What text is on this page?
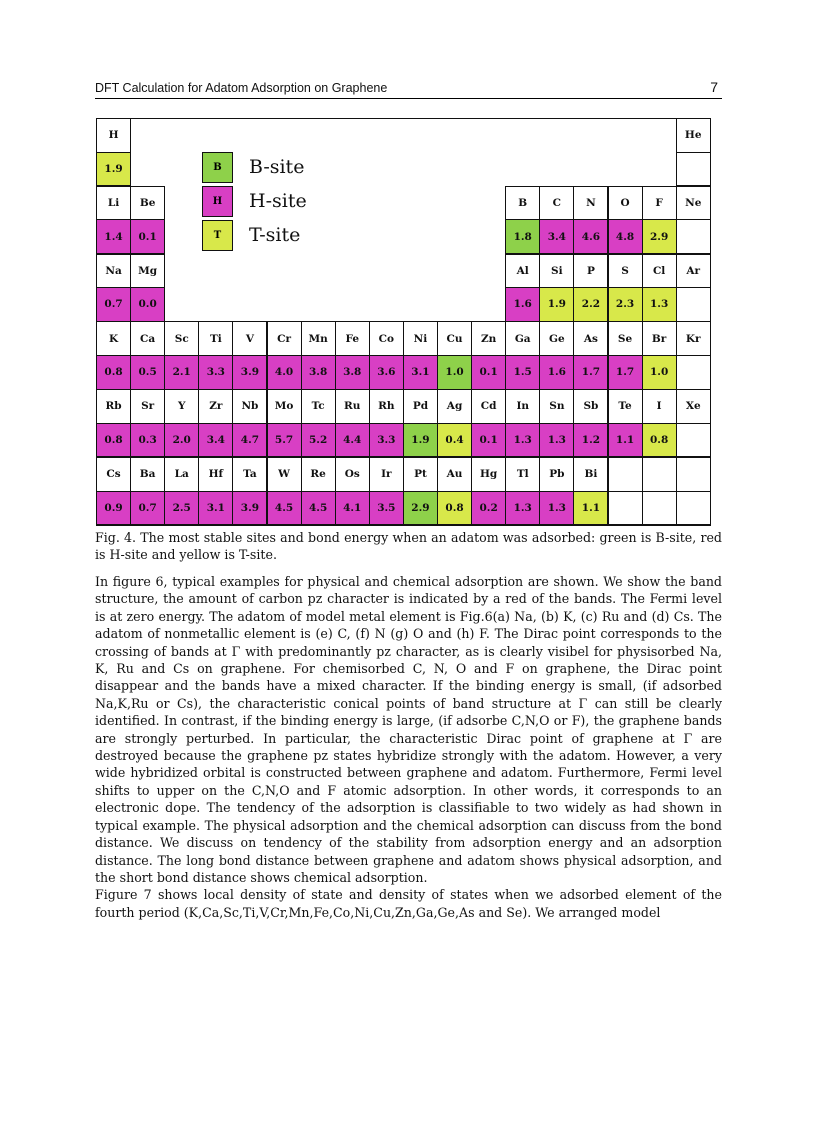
DFT Calculation for Adatom Adsorption on Graphene	7
H
1.9
He
Li
1.4
Be
0.1
B
1.8
C
3.4
N
4.6
O
4.8
F
2.9
Ne
Na
0.7
Mg
0.0
Al
1.6
Si
1.9
P
2.2
S
2.3
Cl
1.3
Ar
K
0.8
Ca
0.5
Sc
2.1
Ti
3.3
V
3.9
Cr
4.0
Mn
3.8
Fe
3.8
Co
3.6
Ni
3.1
Cu
1.0
Zn
0.1
Ga
1.5
Ge
1.6
As
1.7
Se
1.7
Br
1.0
Kr
Rb
0.8
Sr
0.3
Y
2.0
Zr
3.4
Nb
4.7
Mo
5.7
Tc
5.2
Ru
4.4
Rh
3.3
Pd
1.9
Ag
0.4
Cd
0.1
In
1.3
Sn
1.3
Sb
1.2
Te
1.1
I
0.8
Xe
Cs
0.9
Ba
0.7
La
2.5
Hf
3.1
Ta
3.9
W
4.5
Re
4.5
Os
4.1
Ir
3.5
Pt
2.9
Au
0.8
Hg
0.2
Tl
1.3
Pb
1.3
Bi
1.1
B B-site
H H-site
T T-site
Fig. 4. The most stable sites and bond energy when an adatom was adsorbed: green is B-site, red is H-site and yellow is T-site.

In figure 6, typical examples for physical and chemical adsorption are shown. We show the band structure, the amount of carbon pz character is indicated by a red of the bands. The Fermi level is at zero energy. The adatom of model metal element is Fig.6(a) Na, (b) K, (c) Ru and (d) Cs. The adatom of nonmetallic element is (e) C, (f) N (g) O and (h) F. The Dirac point corresponds to the crossing of bands at Γ with predominantly pz character, as is clearly visibel for physisorbed Na, K, Ru and Cs on graphene. For chemisorbed C, N, O and F on graphene, the Dirac point disappear and the bands have a mixed character. If the binding energy is small, (if adsorbed Na,K,Ru or Cs), the characteristic conical points of band structure at Γ can still be clearly identified. In contrast, if the binding energy is large, (if adsorbe C,N,O or F), the graphene bands are strongly perturbed. In particular, the characteristic Dirac point of graphene at Γ are destroyed because the graphene pz states hybridize strongly with the adatom. However, a very wide hybridized orbital is constructed between graphene and adatom. Furthermore, Fermi level shifts to upper on the C,N,O and F atomic adsorption. In other words, it corresponds to an electronic dope. The tendency of the adsorption is classifiable to two widely as had shown in typical example. The physical adsorption and the chemical adsorption can discuss from the bond distance. We discuss on tendency of the stability from adsorption energy and an adsorption distance. The long bond distance between graphene and adatom shows physical adsorption, and the short bond distance shows chemical adsorption.

Figure 7 shows local density of state and density of states when we adsorbed element of the fourth period (K,Ca,Sc,Ti,V,Cr,Mn,Fe,Co,Ni,Cu,Zn,Ga,Ge,As and Se). We arranged model
